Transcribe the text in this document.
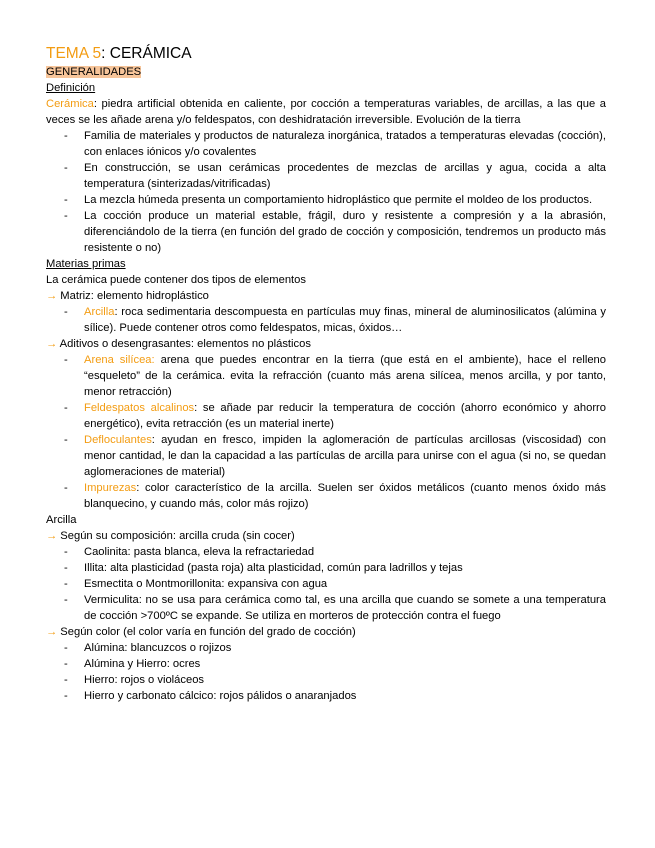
TEMA 5: CERÁMICA
GENERALIDADES
Definición
Cerámica: piedra artificial obtenida en caliente, por cocción a temperaturas variables, de arcillas, a las que a veces se les añade arena y/o feldespatos, con deshidratación irreversible. Evolución de la tierra
- Familia de materiales y productos de naturaleza inorgánica, tratados a temperaturas elevadas (cocción), con enlaces iónicos y/o covalentes
- En construcción, se usan cerámicas procedentes de mezclas de arcillas y agua, cocida a alta temperatura (sinterizadas/vitrificadas)
- La mezcla húmeda presenta un comportamiento hidroplástico que permite el moldeo de los productos.
- La cocción produce un material estable, frágil, duro y resistente a compresión y a la abrasión, diferenciándolo de la tierra (en función del grado de cocción y composición, tendremos un producto más resistente o no)
Materias primas
La cerámica puede contener dos tipos de elementos
→ Matriz: elemento hidroplástico
- Arcilla: roca sedimentaria descompuesta en partículas muy finas, mineral de aluminosilicatos (alúmina y sílice). Puede contener otros como feldespatos, micas, óxidos…
→ Aditivos o desengrasantes: elementos no plásticos
- Arena silícea: arena que puedes encontrar en la tierra (que está en el ambiente), hace el relleno “esqueleto” de la cerámica. evita la refracción (cuanto más arena silícea, menos arcilla, y por tanto, menor retracción)
- Feldespatos alcalinos: se añade par reducir la temperatura de cocción (ahorro económico y ahorro energético), evita retracción (es un material inerte)
- Defloculantes: ayudan en fresco, impiden la aglomeración de partículas arcillosas (viscosidad) con menor cantidad, le dan la capacidad a las partículas de arcilla para unirse con el agua (si no, se quedan aglomeraciones de material)
- Impurezas: color característico de la arcilla. Suelen ser óxidos metálicos (cuanto menos óxido más blanquecino, y cuando más, color más rojizo)
Arcilla
→ Según su composición: arcilla cruda (sin cocer)
- Caolinita: pasta blanca, eleva la refractariedad
- Illita: alta plasticidad (pasta roja) alta plasticidad, común para ladrillos y tejas
- Esmectita o Montmorillonita: expansiva con agua
- Vermiculita: no se usa para cerámica como tal, es una arcilla que cuando se somete a una temperatura de cocción >700ºC se expande. Se utiliza en morteros de protección contra el fuego
→ Según color (el color varía en función del grado de cocción)
- Alúmina: blancuzcos o rojizos
- Alúmina y Hierro: ocres
- Hierro: rojos o violáceos
- Hierro y carbonato cálcico: rojos pálidos o anaranjados
